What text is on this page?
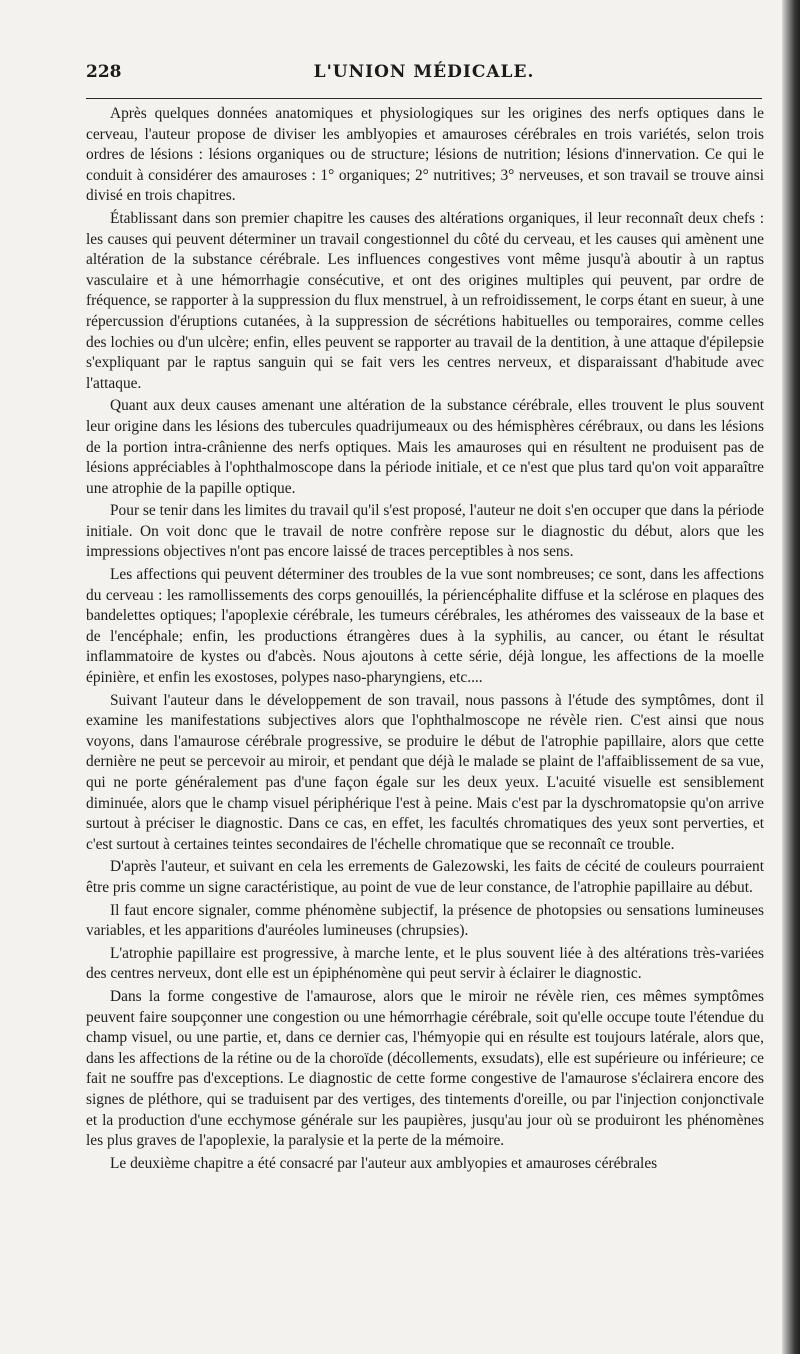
228	L'UNION MÉDICALE.

Après quelques données anatomiques et physiologiques sur les origines des nerfs optiques dans le cerveau, l'auteur propose de diviser les amblyopies et amauroses cérébrales en trois variétés, selon trois ordres de lésions : lésions organiques ou de structure; lésions de nutrition; lésions d'innervation. Ce qui le conduit à considérer des amauroses : 1° organiques; 2° nutritives; 3° nerveuses, et son travail se trouve ainsi divisé en trois chapitres.

Établissant dans son premier chapitre les causes des altérations organiques, il leur reconnaît deux chefs : les causes qui peuvent déterminer un travail congestionnel du côté du cerveau, et les causes qui amènent une altération de la substance cérébrale. Les influences congestives vont même jusqu'à aboutir à un raptus vasculaire et à une hémorrhagie consécutive, et ont des origines multiples qui peuvent, par ordre de fréquence, se rapporter à la suppression du flux menstruel, à un refroidissement, le corps étant en sueur, à une répercussion d'éruptions cutanées, à la suppression de sécrétions habituelles ou temporaires, comme celles des lochies ou d'un ulcère; enfin, elles peuvent se rapporter au travail de la dentition, à une attaque d'épilepsie s'expliquant par le raptus sanguin qui se fait vers les centres nerveux, et disparaissant d'habitude avec l'attaque.

Quant aux deux causes amenant une altération de la substance cérébrale, elles trouvent le plus souvent leur origine dans les lésions des tubercules quadrijumeaux ou des hémisphères cérébraux, ou dans les lésions de la portion intra-crânienne des nerfs optiques. Mais les amauroses qui en résultent ne produisent pas de lésions appréciables à l'ophthalmoscope dans la période initiale, et ce n'est que plus tard qu'on voit apparaître une atrophie de la papille optique.

Pour se tenir dans les limites du travail qu'il s'est proposé, l'auteur ne doit s'en occuper que dans la période initiale. On voit donc que le travail de notre confrère repose sur le diagnostic du début, alors que les impressions objectives n'ont pas encore laissé de traces perceptibles à nos sens.

Les affections qui peuvent déterminer des troubles de la vue sont nombreuses; ce sont, dans les affections du cerveau : les ramollissements des corps genouillés, la périencéphalite diffuse et la sclérose en plaques des bandelettes optiques; l'apoplexie cérébrale, les tumeurs cérébrales, les athéromes des vaisseaux de la base et de l'encéphale; enfin, les productions étrangères dues à la syphilis, au cancer, ou étant le résultat inflammatoire de kystes ou d'abcès. Nous ajoutons à cette série, déjà longue, les affections de la moelle épinière, et enfin les exostoses, polypes naso-pharyngiens, etc....

Suivant l'auteur dans le développement de son travail, nous passons à l'étude des symptômes, dont il examine les manifestations subjectives alors que l'ophthalmoscope ne révèle rien. C'est ainsi que nous voyons, dans l'amaurose cérébrale progressive, se produire le début de l'atrophie papillaire, alors que cette dernière ne peut se percevoir au miroir, et pendant que déjà le malade se plaint de l'affaiblissement de sa vue, qui ne porte généralement pas d'une façon égale sur les deux yeux. L'acuité visuelle est sensiblement diminuée, alors que le champ visuel périphérique l'est à peine. Mais c'est par la dyschromatopsie qu'on arrive surtout à préciser le diagnostic. Dans ce cas, en effet, les facultés chromatiques des yeux sont perverties, et c'est surtout à certaines teintes secondaires de l'échelle chromatique que se reconnaît ce trouble.

D'après l'auteur, et suivant en cela les errements de Galezowski, les faits de cécité de couleurs pourraient être pris comme un signe caractéristique, au point de vue de leur constance, de l'atrophie papillaire au début.

Il faut encore signaler, comme phénomène subjectif, la présence de photopsies ou sensations lumineuses variables, et les apparitions d'auréoles lumineuses (chrupsies).

L'atrophie papillaire est progressive, à marche lente, et le plus souvent liée à des altérations très-variées des centres nerveux, dont elle est un épiphénomène qui peut servir à éclairer le diagnostic.

Dans la forme congestive de l'amaurose, alors que le miroir ne révèle rien, ces mêmes symptômes peuvent faire soupçonner une congestion ou une hémorrhagie cérébrale, soit qu'elle occupe toute l'étendue du champ visuel, ou une partie, et, dans ce dernier cas, l'hémyopie qui en résulte est toujours latérale, alors que, dans les affections de la rétine ou de la choroïde (décollements, exsudats), elle est supérieure ou inférieure; ce fait ne souffre pas d'exceptions. Le diagnostic de cette forme congestive de l'amaurose s'éclairera encore des signes de pléthore, qui se traduisent par des vertiges, des tintements d'oreille, ou par l'injection conjonctivale et la production d'une ecchymose générale sur les paupières, jusqu'au jour où se produiront les phénomènes les plus graves de l'apoplexie, la paralysie et la perte de la mémoire.

Le deuxième chapitre a été consacré par l'auteur aux amblyopies et amauroses cérébrales
